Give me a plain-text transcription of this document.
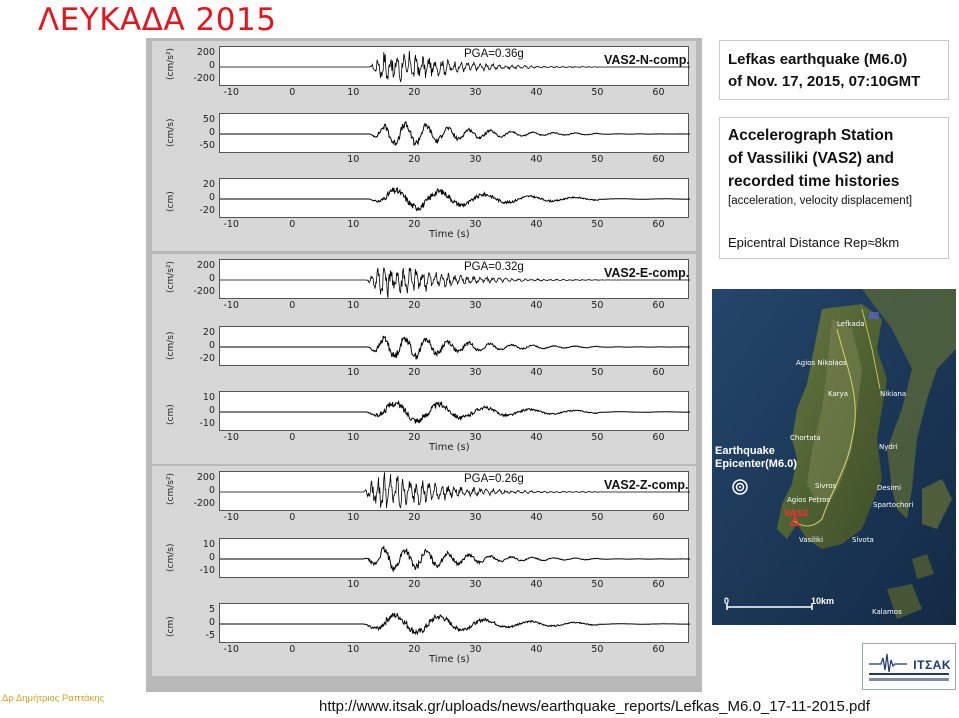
ΛΕΥΚΑΔΑ 2015
(cm/s²)	200
0
-200
-10	0	10	20	30	40	50	60
PGA=0.36g	VAS2-N-comp.
(cm/s)	50
0
-50
10	20	30	40	50	60
(cm)
20
0
-20
-10	0	10	20	30	40	50	60
Time (s)
(cm/s²)	200
0
-200
-10	0	10	20	30	40	50	60
PGA=0.32g	VAS2-E-comp.
(cm/s)	20
0
-20
10	20	30	40	50	60
(cm)
10
0
-10
-10	0	10	20	30	40	50	60
Time (s)
(cm/s²)	200
0
-200
-10	0	10	20	30	40	50	60
PGA=0.26g	VAS2-Z-comp.
(cm/s)	10
0
-10
10	20	30	40	50	60
(cm)
5
0
-5
-10	0	10	20	30	40	50	60
Time (s)
Lefkas earthquake (M6.0)
of Nov. 17, 2015, 07:10GMT
Accelerograph Station
of Vassiliki (VAS2) and
recorded time histories
[acceleration, velocity displacement]
Epicentral Distance Rep≈8km
Lefkada
Agios Nikolaos
Karya	Nikiana
Chortata
Nydri
Sivros	Desimi
Agios Petros
Spartochori
Sivota
Vasiliki
Kalamos
Earthquake
Epicenter(M6.0)
VAS2
0	10km
ΙΤΣΑΚ
Δρ Δημήτριος Ραπτάκης	http://www.itsak.gr/uploads/news/earthquake_reports/Lefkas_M6.0_17-11-2015.pdf
